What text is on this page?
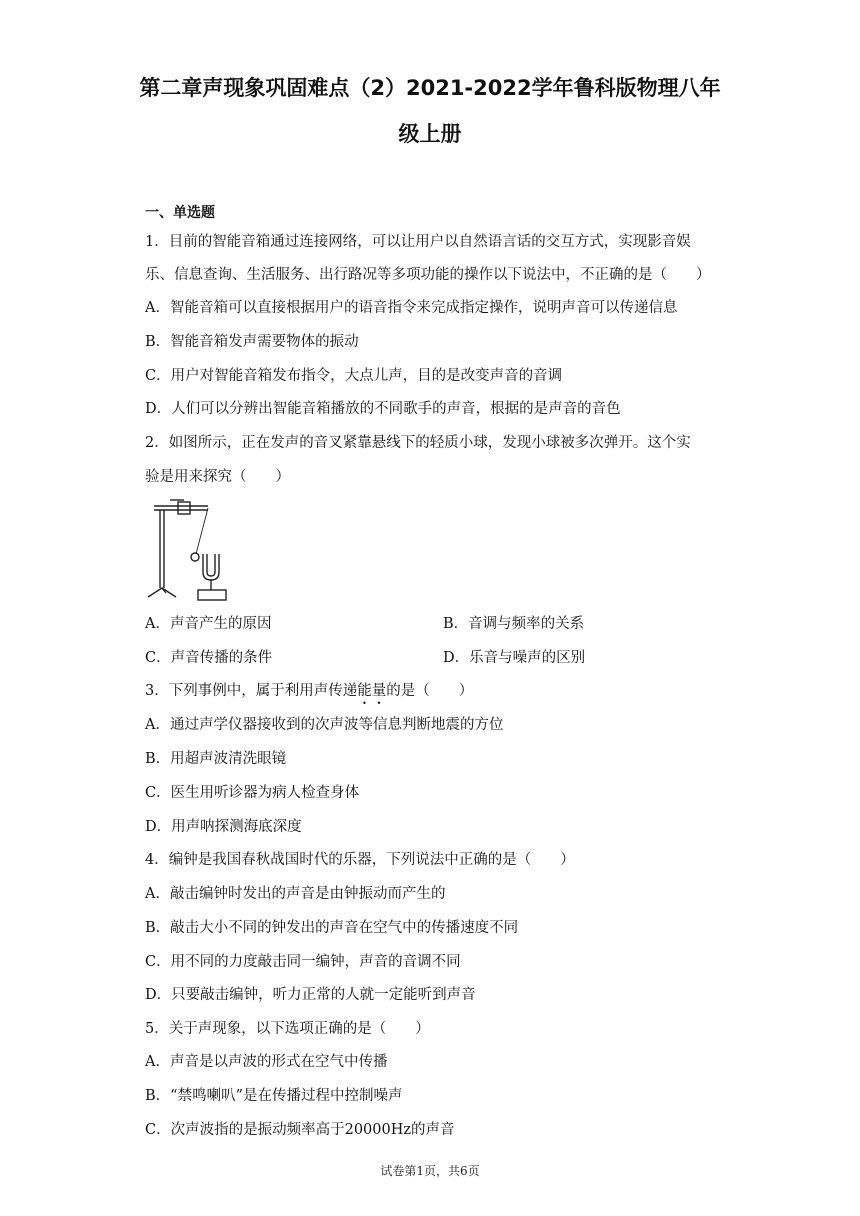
第二章声现象巩固难点（2）2021-2022学年鲁科版物理八年
级上册
一、单选题
1．目前的智能音箱通过连接网络，可以让用户以自然语言话的交互方式，实现影音娱
乐、信息查询、生活服务、出行路况等多项功能的操作以下说法中，不正确的是（　　）
A．智能音箱可以直接根据用户的语音指令来完成指定操作，说明声音可以传递信息
B．智能音箱发声需要物体的振动
C．用户对智能音箱发布指令，大点儿声，目的是改变声音的音调
D．人们可以分辨出智能音箱播放的不同歌手的声音，根据的是声音的音色
2．如图所示，正在发声的音叉紧靠悬线下的轻质小球，发现小球被多次弹开。这个实
验是用来探究（　　）
A．声音产生的原因	B．音调与频率的关系
C．声音传播的条件	D．乐音与噪声的区别
3．下列事例中，属于利用声传递能量的是（　　）
A．通过声学仪器接收到的次声波等信息判断地震的方位
B．用超声波清洗眼镜
C．医生用听诊器为病人检查身体
D．用声呐探测海底深度
4．编钟是我国春秋战国时代的乐器，下列说法中正确的是（　　）
A．敲击编钟时发出的声音是由钟振动而产生的
B．敲击大小不同的钟发出的声音在空气中的传播速度不同
C．用不同的力度敲击同一编钟，声音的音调不同
D．只要敲击编钟，听力正常的人就一定能听到声音
5．关于声现象，以下选项正确的是（　　）
A．声音是以声波的形式在空气中传播
B．“禁鸣喇叭”是在传播过程中控制噪声
C．次声波指的是振动频率高于20000Hz的声音
试卷第1页，共6页
